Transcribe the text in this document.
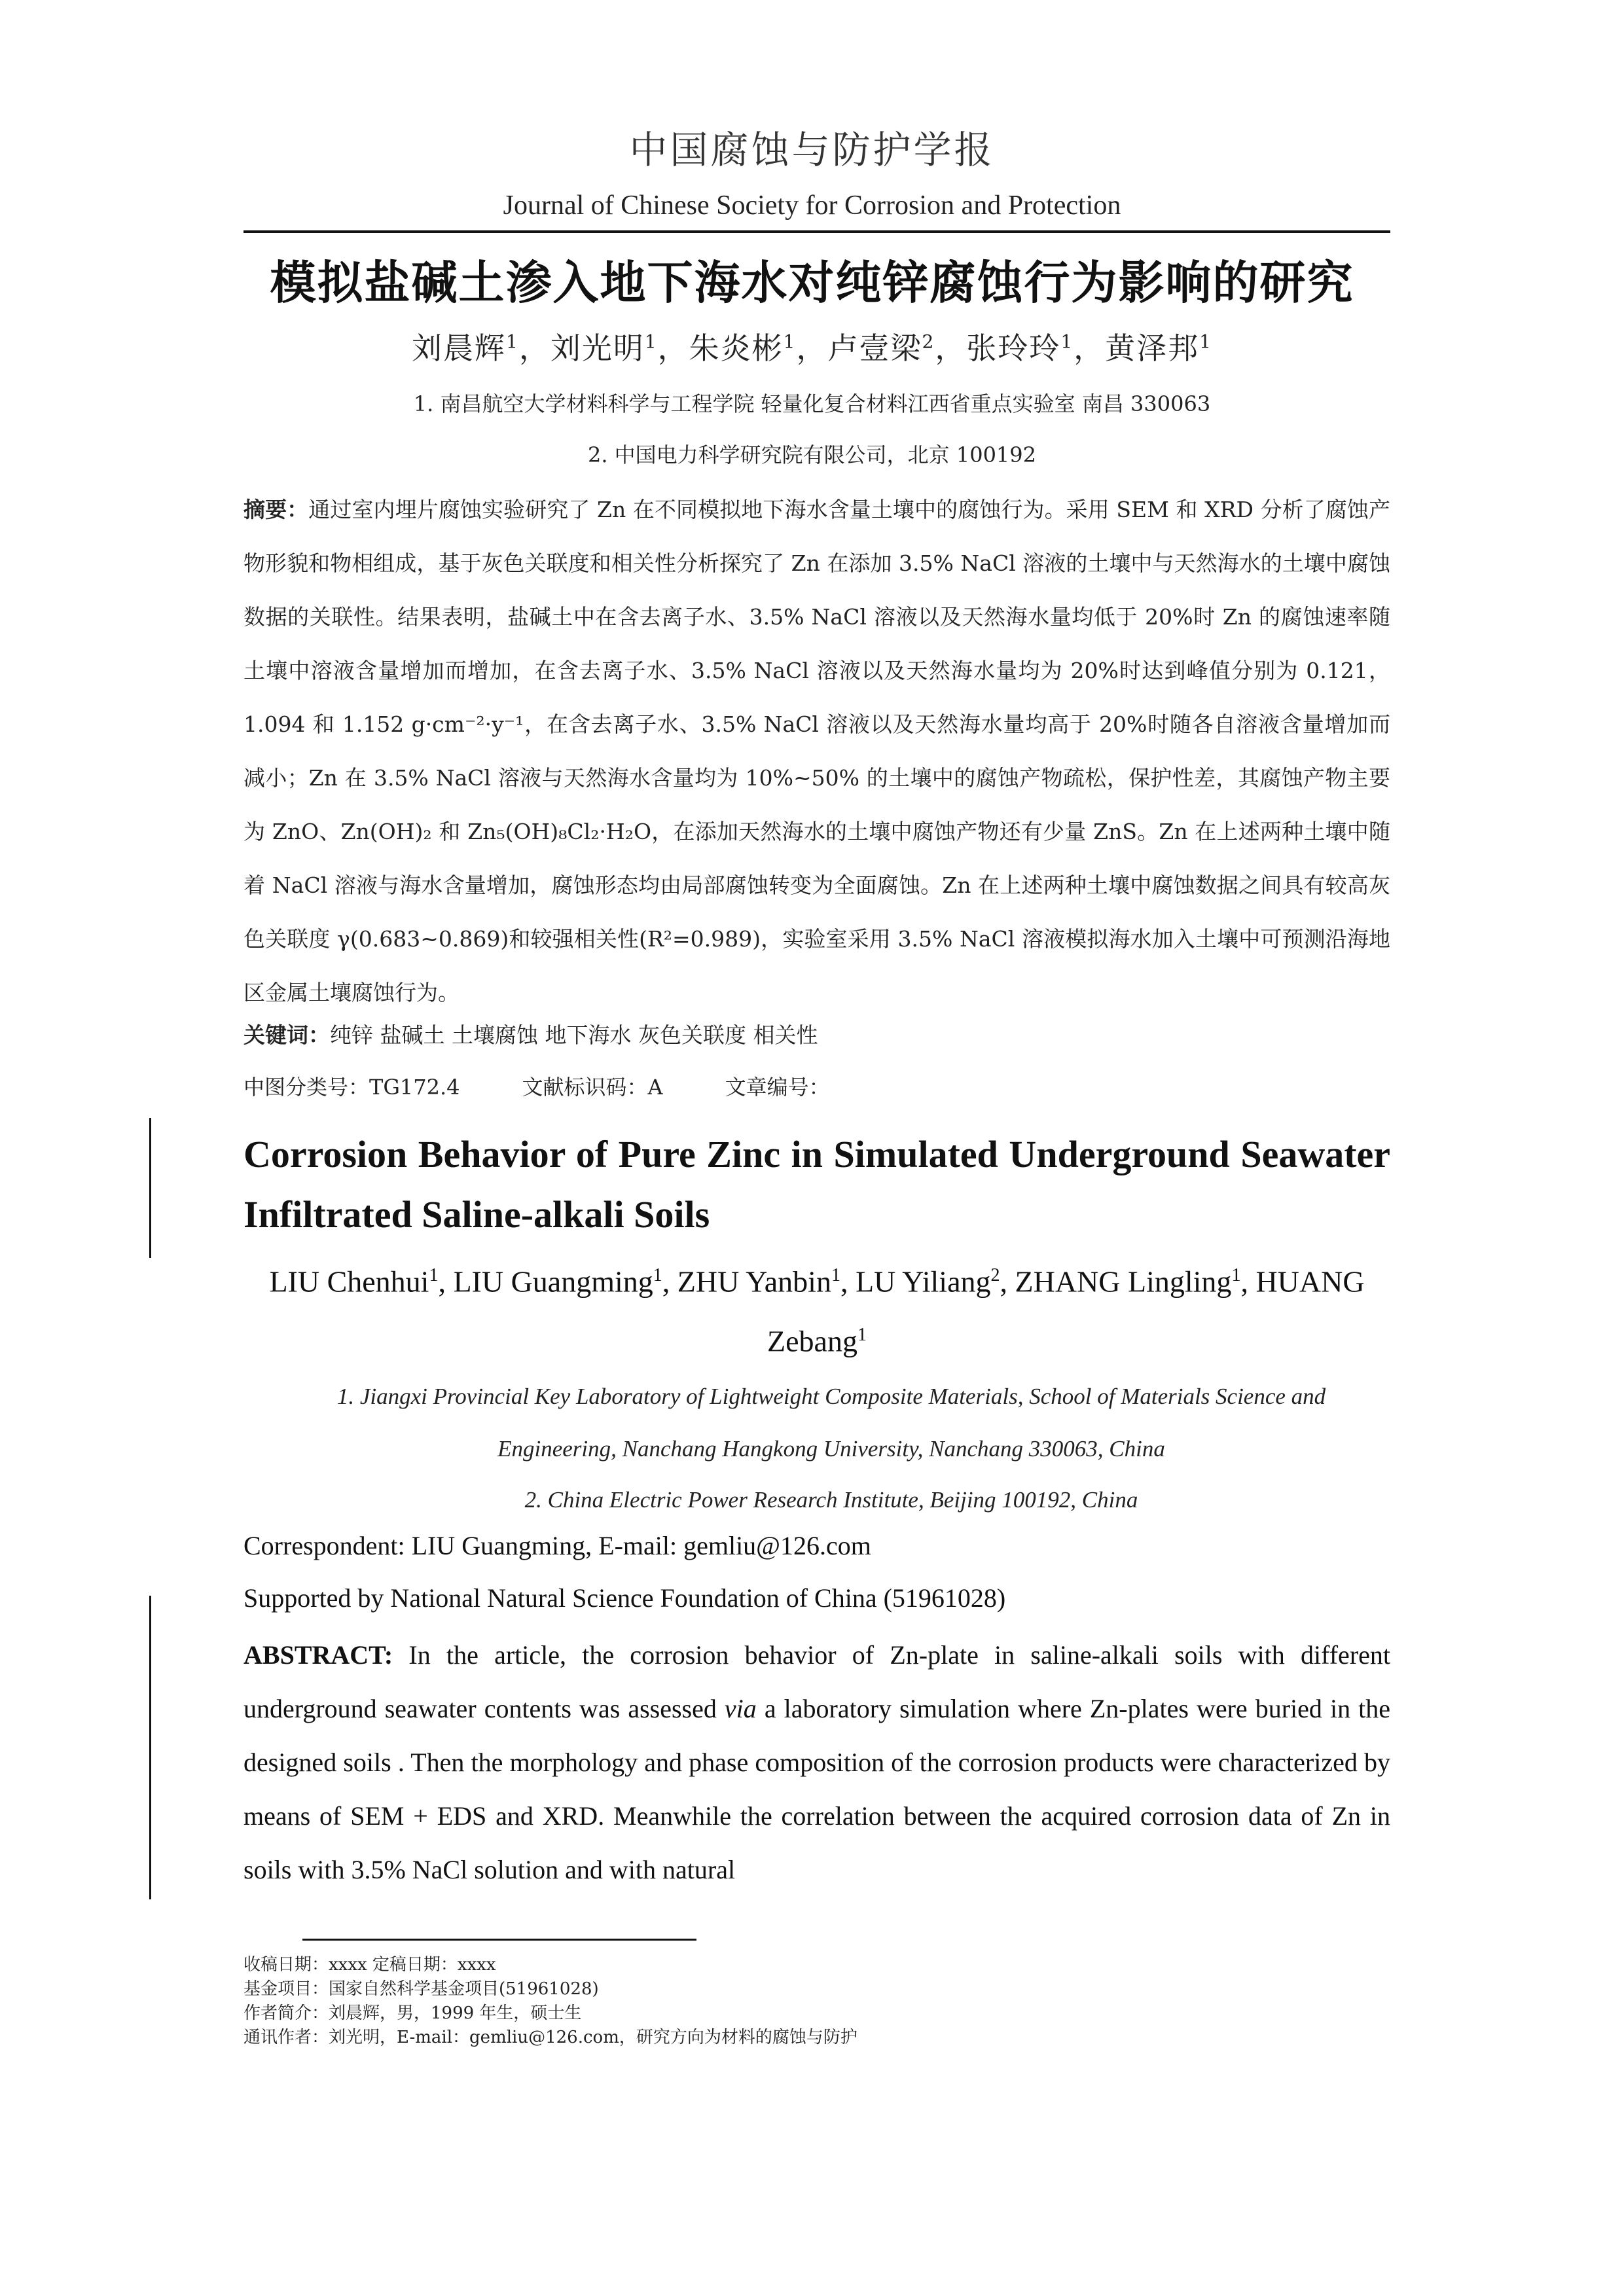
中国腐蚀与防护学报
Journal of Chinese Society for Corrosion and Protection
模拟盐碱土渗入地下海水对纯锌腐蚀行为影响的研究
刘晨辉$^1$，刘光明$^1$，朱炎彬$^1$，卢壹梁$^2$，张玲玲$^1$，黄泽邦$^1$
1. 南昌航空大学材料科学与工程学院 轻量化复合材料江西省重点实验室 南昌 330063
2. 中国电力科学研究院有限公司，北京 100192
摘要：通过室内埋片腐蚀实验研究了 Zn 在不同模拟地下海水含量土壤中的腐蚀行为。采用 SEM 和 XRD 分析了腐蚀产物形貌和物相组成，基于灰色关联度和相关性分析探究了 Zn 在添加 3.5% NaCl 溶液的土壤中与天然海水的土壤中腐蚀数据的关联性。结果表明，盐碱土中在含去离子水、3.5% NaCl 溶液以及天然海水量均低于 20%时 Zn 的腐蚀速率随土壤中溶液含量增加而增加，在含去离子水、3.5% NaCl 溶液以及天然海水量均为 20%时达到峰值分别为 0.121，1.094 和 1.152 g·cm⁻²·y⁻¹，在含去离子水、3.5% NaCl 溶液以及天然海水量均高于 20%时随各自溶液含量增加而减小；Zn 在 3.5% NaCl 溶液与天然海水含量均为 10%~50% 的土壤中的腐蚀产物疏松，保护性差，其腐蚀产物主要为 ZnO、Zn(OH)₂ 和 Zn₅(OH)₈Cl₂·H₂O，在添加天然海水的土壤中腐蚀产物还有少量 ZnS。Zn 在上述两种土壤中随着 NaCl 溶液与海水含量增加，腐蚀形态均由局部腐蚀转变为全面腐蚀。Zn 在上述两种土壤中腐蚀数据之间具有较高灰色关联度 γ(0.683~0.869)和较强相关性(R²=0.989)，实验室采用 3.5% NaCl 溶液模拟海水加入土壤中可预测沿海地区金属土壤腐蚀行为。
关键词：纯锌 盐碱土 土壤腐蚀 地下海水 灰色关联度 相关性
中图分类号：TG172.4	文献标识码：A	文章编号：
Corrosion Behavior of Pure Zinc in Simulated Underground Seawater Infiltrated Saline-alkali Soils
LIU Chenhui$^1$, LIU Guangming$^1$, ZHU Yanbin$^1$, LU Yiliang$^2$, ZHANG Lingling$^1$, HUANG Zebang$^1$
1. Jiangxi Provincial Key Laboratory of Lightweight Composite Materials, School of Materials Science and Engineering, Nanchang Hangkong University, Nanchang 330063, China
2. China Electric Power Research Institute, Beijing 100192, China
Correspondent: LIU Guangming, E-mail: gemliu@126.com
Supported by National Natural Science Foundation of China (51961028)
ABSTRACT: In the article, the corrosion behavior of Zn-plate in saline-alkali soils with different underground seawater contents was assessed via a laboratory simulation where Zn-plates were buried in the designed soils . Then the morphology and phase composition of the corrosion products were characterized by means of SEM + EDS and XRD. Meanwhile the correlation between the acquired corrosion data of Zn in soils with 3.5% NaCl solution and with natural
收稿日期：xxxx 定稿日期：xxxx
基金项目：国家自然科学基金项目(51961028)
作者简介：刘晨辉，男，1999 年生，硕士生
通讯作者：刘光明，E-mail：gemliu@126.com，研究方向为材料的腐蚀与防护
